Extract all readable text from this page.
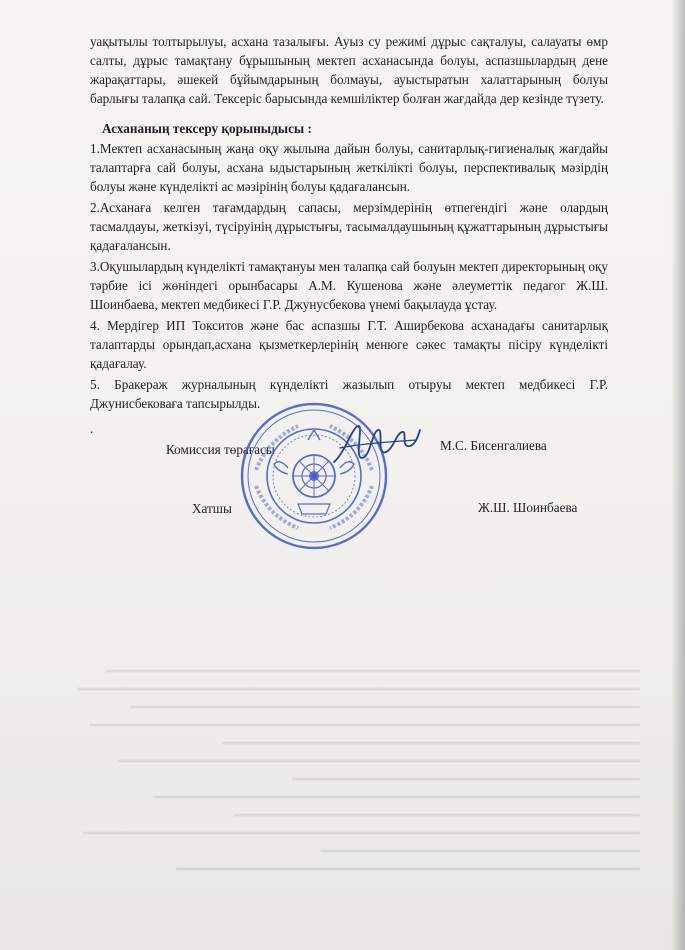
уақытылы толтырылуы, асхана тазалығы. Ауыз су режимі дұрыс сақталуы, салауаты өмр салты, дұрыс тамақтану бұрышының мектеп асханасында болуы, аспазшылардың дене жарақаттары, әшекей бұйымдарының болмауы, ауыстыратын халаттарының болуы барлығы талапқа сай. Тексеріс барысында кемшіліктер болған жағдайда дер кезінде түзету.

Асхананың тексеру қорыныдысы :

1.Мектеп асханасының жаңа оқу жылына дайын болуы, санитарлық-гигиеналық жағдайы талаптарға сай болуы, асхана ыдыстарының жеткілікті болуы, перспективалық мәзірдің болуы және күнделікті ас мәзірінің болуы қадағалансын.

2.Асханаға келген тағамдардың сапасы, мерзімдерінің өтпегендігі және олардың тасмалдауы, жеткізуі, түсіруінің дұрыстығы, тасымалдаушының құжаттарының дұрыстығы қадағалансын.

3.Оқушылардың күнделікті тамақтануы мен талапқа сай болуын мектеп директорының оқу тәрбие ісі жөніндегі орынбасары А.М. Кушенова және әлеуметтік педагог Ж.Ш. Шоинбаева, мектеп медбикесі Г.Р. Джунусбекова үнемі бақылауда ұстау.

4. Мердігер ИП Токситов және бас аспазшы Г.Т. Аширбекова асханадағы санитарлық талаптарды орындап,асхана қызметкерлерінің менюге сәкес тамақты пісіру күнделікті қадағалау.

5. Бракераж журналының күнделікті жазылып отыруы мектеп медбикесі Г.Р. Джунисбековаға тапсырылды.

.

Комиссия төрағасы	М.С. Бисенгалиева
Хатшы	Ж.Ш. Шоинбаева
